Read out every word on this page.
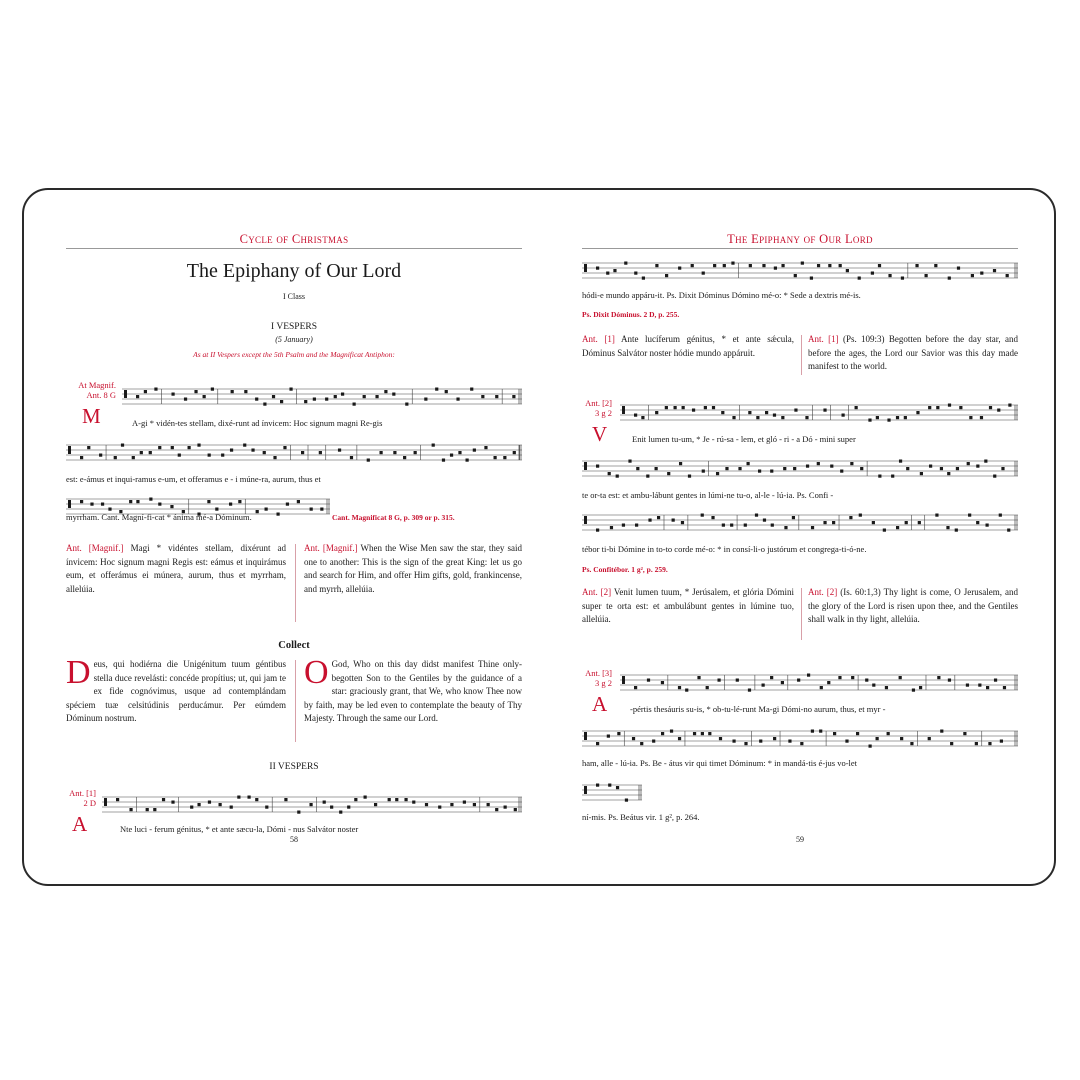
Cycle of Christmas
The Epiphany of Our Lord
I Class
I VESPERS
(5 January)
As at II Vespers except the 5th Psalm and the Magnificat Antiphon:
At Magnif.
Ant. 8 G
M	A-gi * vidén-tes stellam, dixé-runt ad ínvicem: Hoc signum magni Re-gis
est: e-ámus et inqui-ramus e-um, et offeramus e - i múne-ra, aurum, thus et
myrrham. Cant. Magní-fi-cat * ánima mé-a Dóminum.	Cant. Magnificat 8 G, p. 309 or p. 315.
Ant. [Magnif.] Magi * vidéntes stellam, dixérunt ad ínvicem: Hoc signum magni Regis est: eámus et inquirámus eum, et offerámus ei múnera, aurum, thus et myrrham, allelúia.
Ant. [Magnif.] When the Wise Men saw the star, they said one to another: This is the sign of the great King: let us go and search for Him, and offer Him gifts, gold, frankincense, and myrrh, allelúia.
Collect
Deus, qui hodiérna die Unigénitum tuum géntibus stella duce revelásti: concéde propítius; ut, qui jam te ex fide cognóvimus, usque ad contemplándam spéciem tuæ celsitúdinis perducámur. Per eúmdem Dóminum nostrum.
O God, Who on this day didst manifest Thine only-begotten Son to the Gentiles by the guidance of a star: graciously grant, that We, who know Thee now by faith, may be led even to contemplate the beauty of Thy Majesty. Through the same our Lord.
II VESPERS
Ant. [1]
2 D
A	Nte luci - ferum génitus, * et ante sæcu-la, Dómi - nus Salvátor noster
58
The Epiphany of Our Lord
hódi-e mundo appáru-it. Ps. Dixit Dóminus Dómino mé-o: * Sede a dextris mé-is.
Ps. Dixit Dóminus. 2 D, p. 255.
Ant. [1] Ante lucíferum génitus, * et ante sǽcula, Dóminus Salvátor noster hódie mundo appáruit.
Ant. [1] (Ps. 109:3) Begotten before the day star, and before the ages, the Lord our Savior was this day made manifest to the world.
Ant. [2]
3 g 2
V	Enit lumen tu-um, * Je - rú-sa - lem, et gló - ri - a Dó - mini super
te or-ta est: et ambu-lábunt gentes in lúmi-ne tu-o, al-le - lú-ia. Ps. Confi -
tébor ti-bi Dómine in to-to corde mé-o: * in consí-li-o justórum et congrega-ti-ó-ne.
Ps. Confitébor. 1 g², p. 259.
Ant. [2] Venit lumen tuum, * Jerúsalem, et glória Dómini super te orta est: et ambulábunt gentes in lúmine tuo, allelúia.
Ant. [2] (Is. 60:1,3) Thy light is come, O Jerusalem, and the glory of the Lord is risen upon thee, and the Gentiles shall walk in thy light, allelúia.
Ant. [3]
3 g 2
A	-pértis thesáuris su-is, * ob-tu-lé-runt Ma-gi Dómi-no aurum, thus, et myr -
ham, alle - lú-ia. Ps. Be - átus vir qui timet Dóminum: * in mandá-tis é-jus vo-let
ní-mis. Ps. Beátus vir. 1 g², p. 264.
59
